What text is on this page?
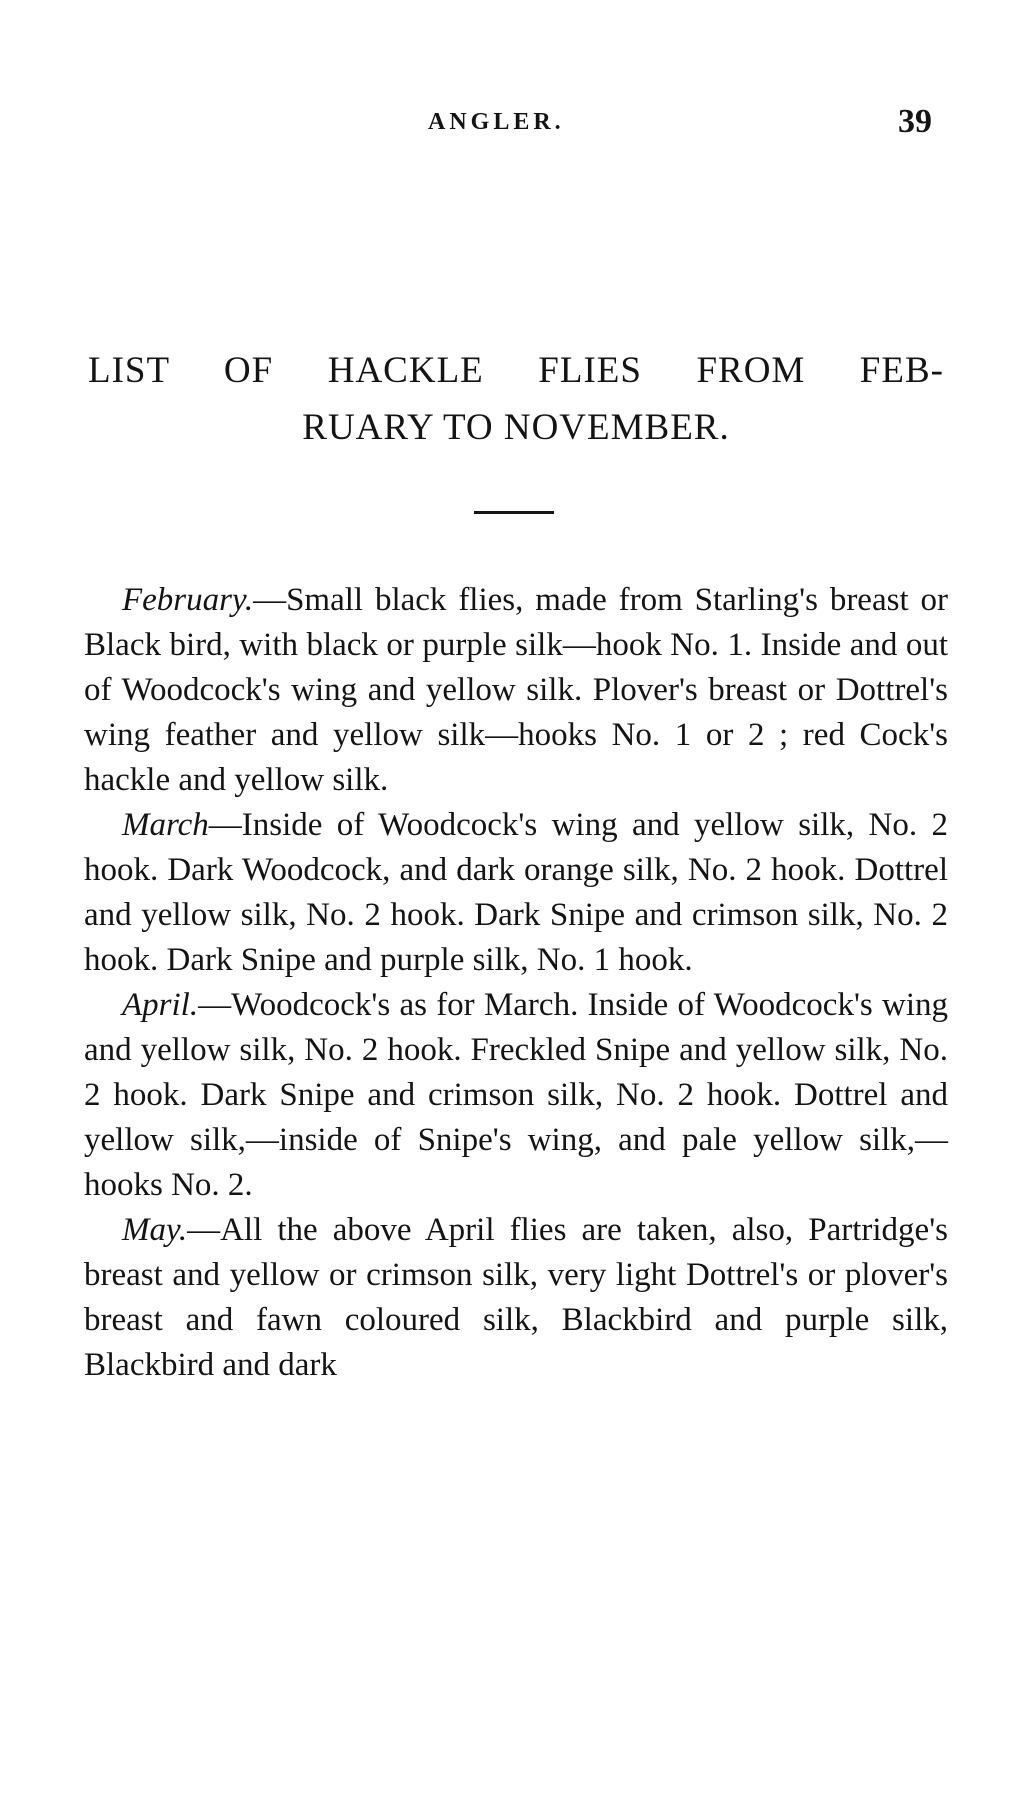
ANGLER.	39
LIST OF HACKLE FLIES FROM FEB-
RUARY TO NOVEMBER.

February.—Small black flies, made from Starling's breast or Black bird, with black or purple silk—hook No. 1. Inside and out of Woodcock's wing and yellow silk. Plover's breast or Dottrel's wing feather and yellow silk—hooks No. 1 or 2 ; red Cock's hackle and yellow silk.

March—Inside of Woodcock's wing and yellow silk, No. 2 hook. Dark Woodcock, and dark orange silk, No. 2 hook. Dottrel and yellow silk, No. 2 hook. Dark Snipe and crimson silk, No. 2 hook. Dark Snipe and purple silk, No. 1 hook.

April.—Woodcock's as for March. Inside of Woodcock's wing and yellow silk, No. 2 hook. Freckled Snipe and yellow silk, No. 2 hook. Dark Snipe and crimson silk, No. 2 hook. Dottrel and yellow silk,—inside of Snipe's wing, and pale yellow silk,—hooks No. 2.

May.—All the above April flies are taken, also, Partridge's breast and yellow or crimson silk, very light Dottrel's or plover's breast and fawn coloured silk, Blackbird and purple silk, Blackbird and dark
